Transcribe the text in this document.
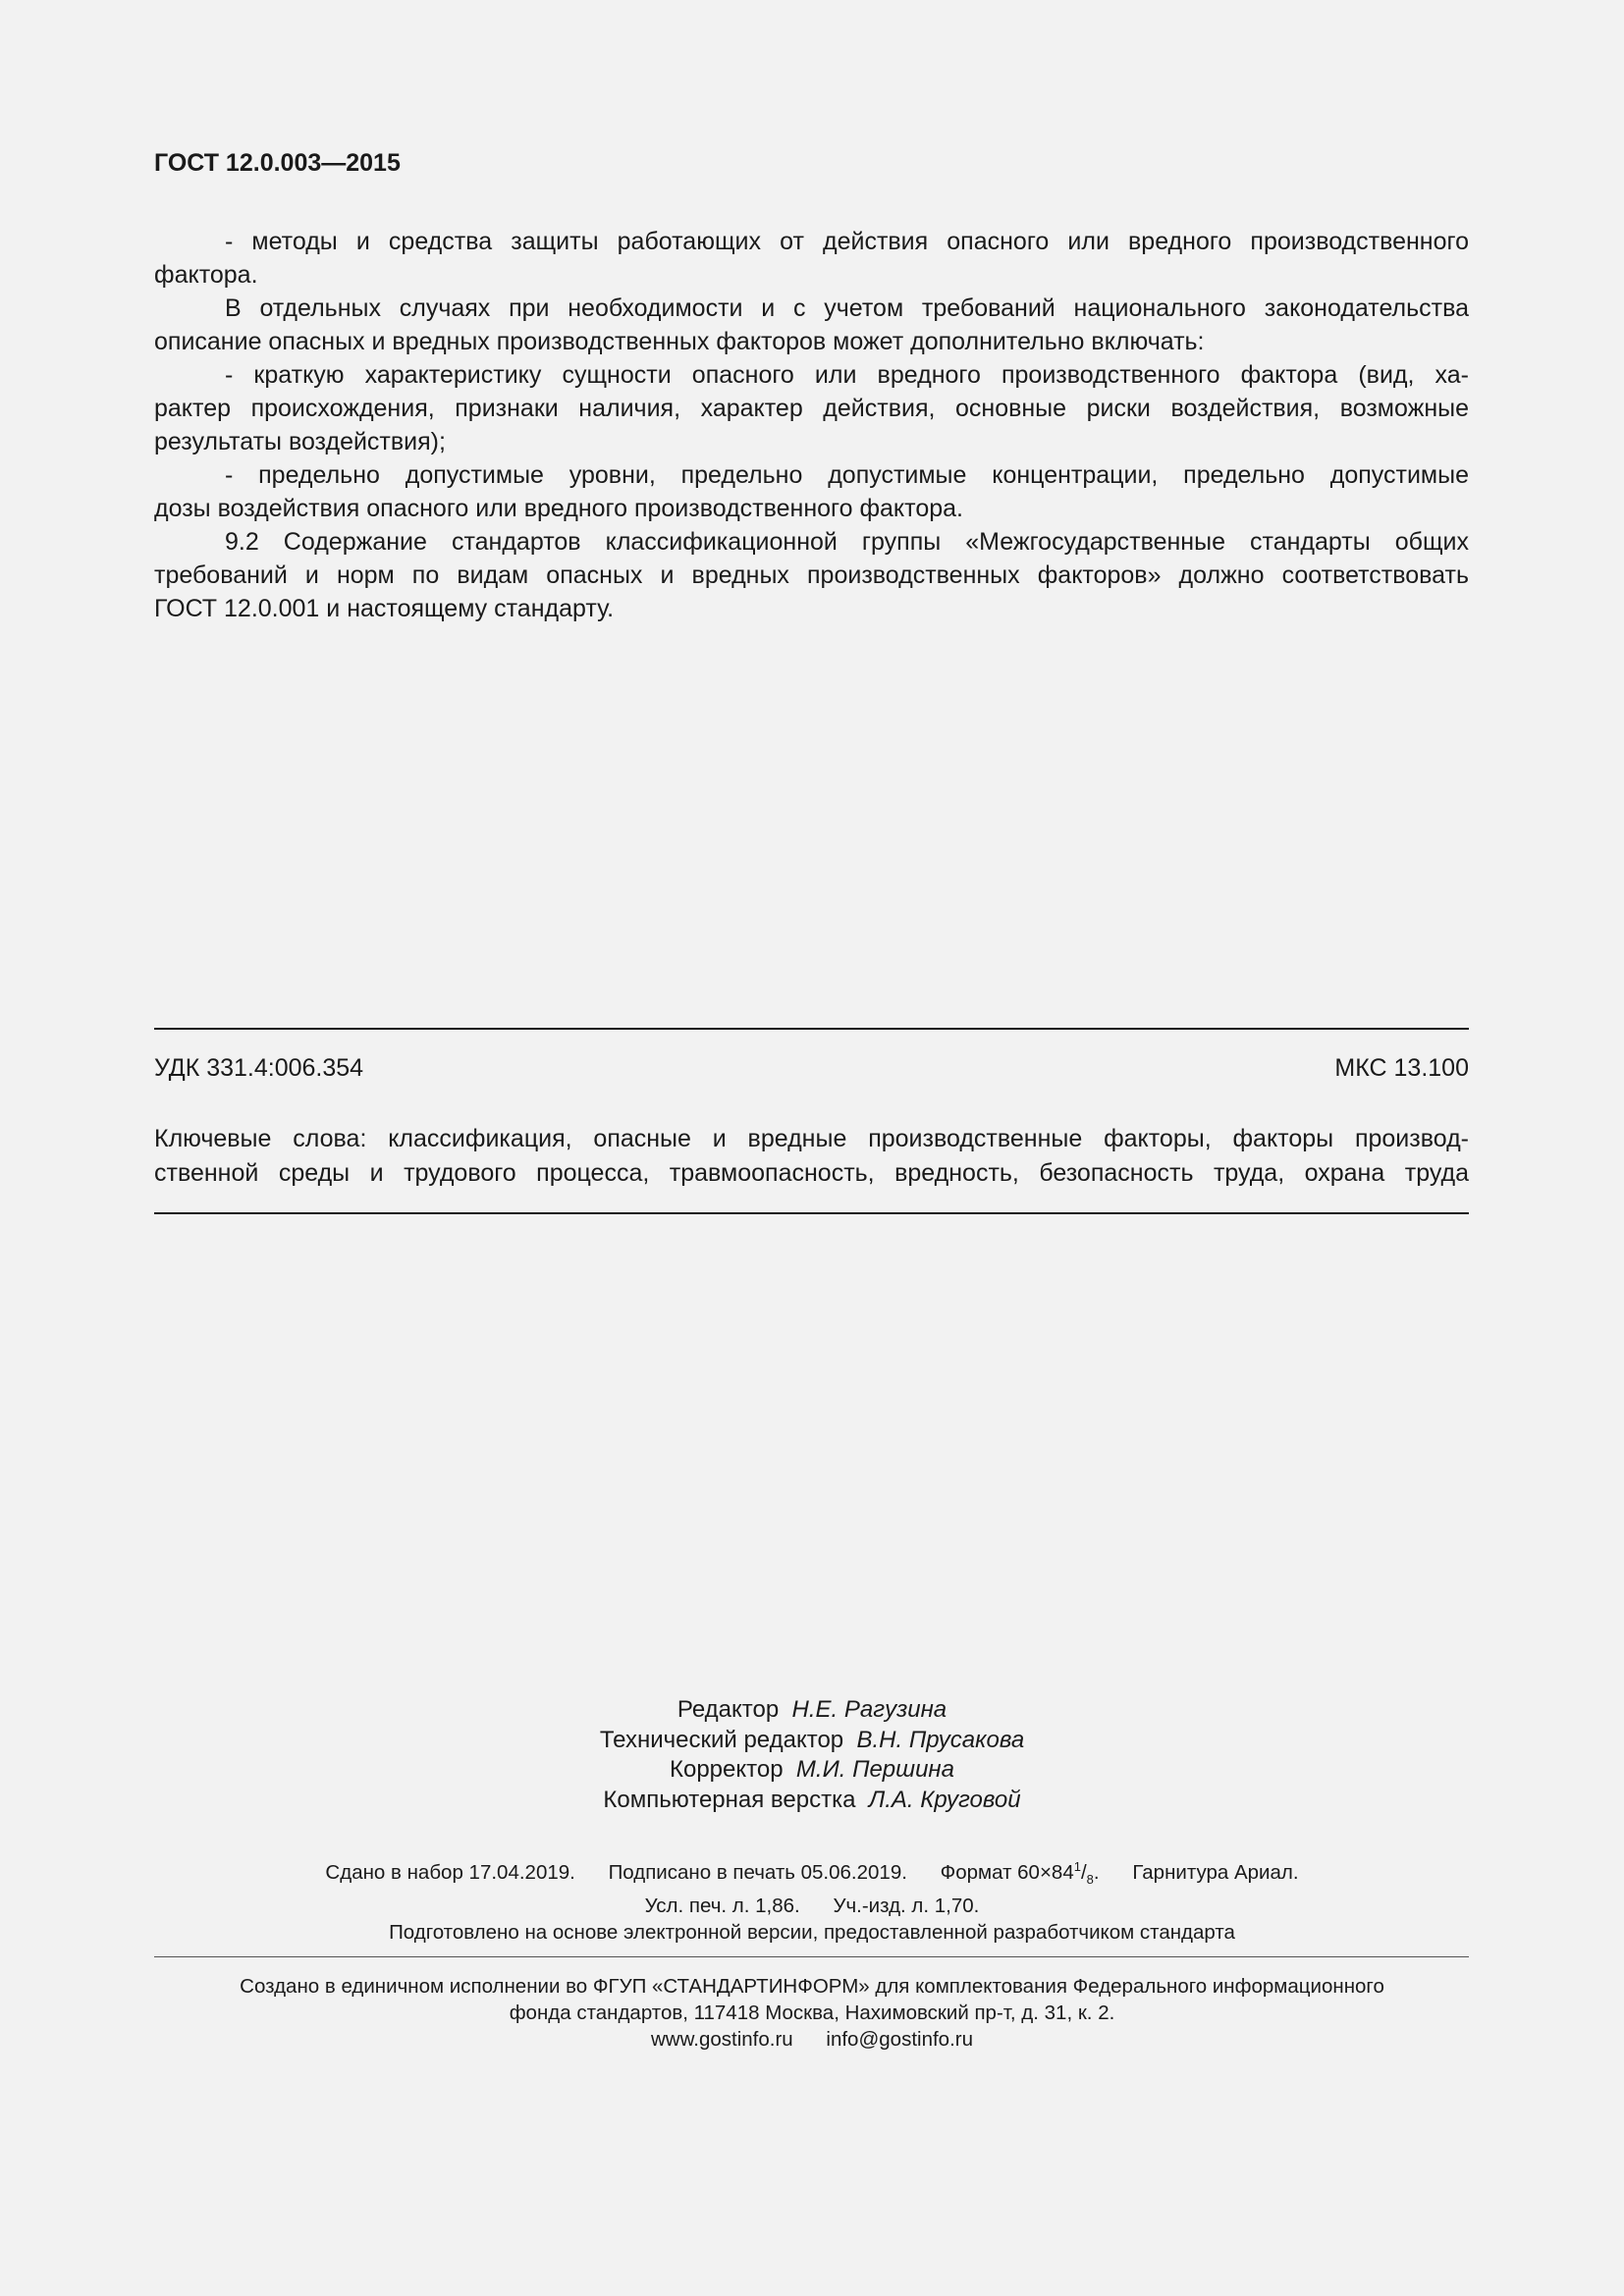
ГОСТ 12.0.003—2015
- методы и средства защиты работающих от действия опасного или вредного производственного
фактора.
В отдельных случаях при необходимости и с учетом требований национального законодательства
описание опасных и вредных производственных факторов может дополнительно включать:
- краткую характеристику сущности опасного или вредного производственного фактора (вид, ха-
рактер происхождения, признаки наличия, характер действия, основные риски воздействия, возможные
результаты воздействия);
- предельно допустимые уровни, предельно допустимые концентрации, предельно допустимые
дозы воздействия опасного или вредного производственного фактора.
9.2 Содержание стандартов классификационной группы «Межгосударственные стандарты общих
требований и норм по видам опасных и вредных производственных факторов» должно соответствовать
ГОСТ 12.0.001 и настоящему стандарту.
УДК 331.4:006.354	МКС 13.100
Ключевые слова: классификация, опасные и вредные производственные факторы, факторы производ-
ственной среды и трудового процесса, травмоопасность, вредность, безопасность труда, охрана труда
Редактор Н.Е. Рагузина
Технический редактор В.Н. Прусакова
Корректор М.И. Першина
Компьютерная верстка Л.А. Круговой
Сдано в набор 17.04.2019. Подписано в печать 05.06.2019. Формат $60\times 84^1/_8$. Гарнитура Ариал.
Усл. печ. л. 1,86. Уч.-изд. л. 1,70.
Подготовлено на основе электронной версии, предоставленной разработчиком стандарта
Создано в единичном исполнении во ФГУП «СТАНДАРТИНФОРМ» для комплектования Федерального информационного
фонда стандартов, 117418 Москва, Нахимовский пр-т, д. 31, к. 2.
www.gostinfo.ru info@gostinfo.ru
